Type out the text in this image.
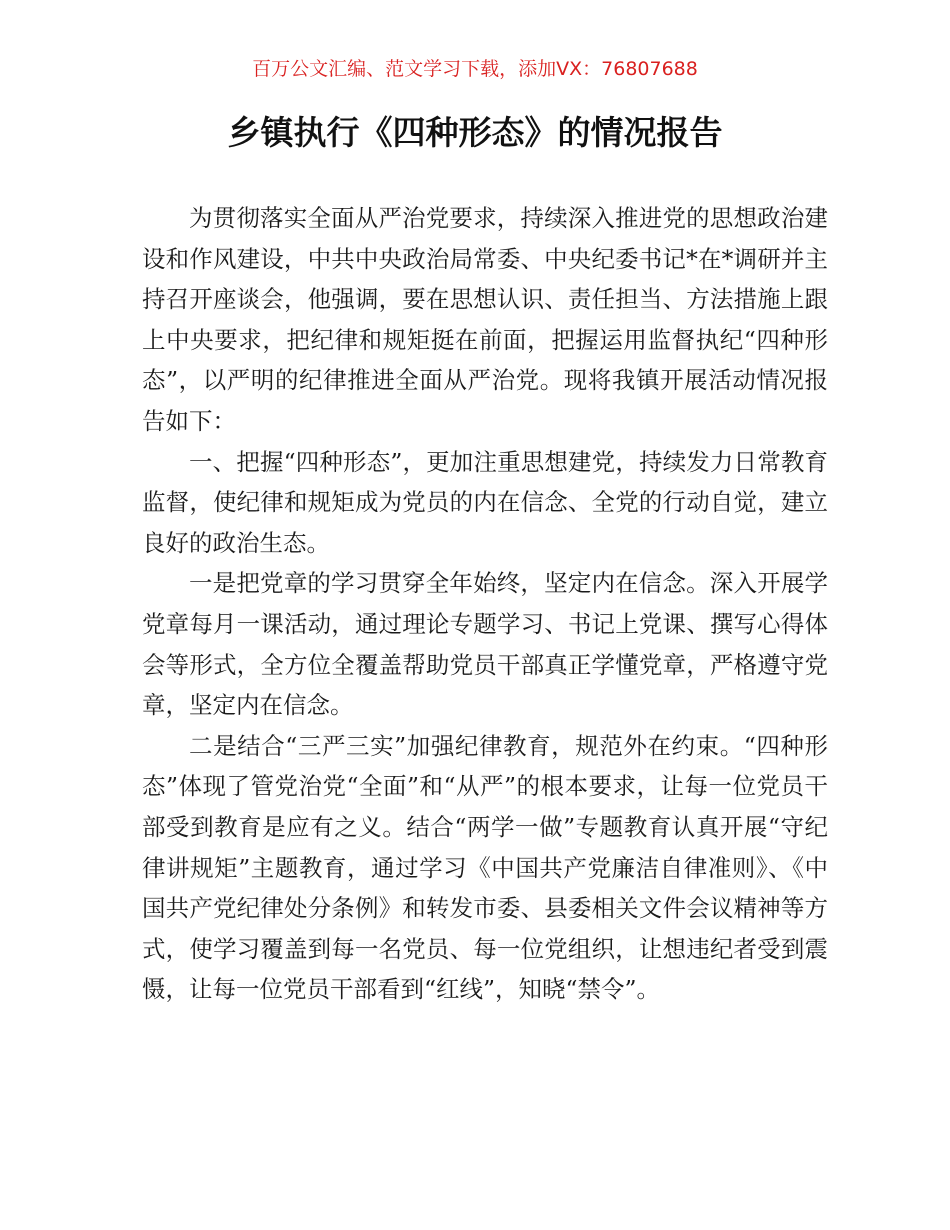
百万公文汇编、范文学习下载，添加VX：76807688
乡镇执行《四种形态》的情况报告

为贯彻落实全面从严治党要求，持续深入推进党的思想政治建设和作风建设，中共中央政治局常委、中央纪委书记*在*调研并主持召开座谈会，他强调，要在思想认识、责任担当、方法措施上跟上中央要求，把纪律和规矩挺在前面，把握运用监督执纪“四种形态”，以严明的纪律推进全面从严治党。现将我镇开展活动情况报告如下：

一、把握“四种形态”，更加注重思想建党，持续发力日常教育监督，使纪律和规矩成为党员的内在信念、全党的行动自觉，建立良好的政治生态。

一是把党章的学习贯穿全年始终，坚定内在信念。深入开展学党章每月一课活动，通过理论专题学习、书记上党课、撰写心得体会等形式，全方位全覆盖帮助党员干部真正学懂党章，严格遵守党章，坚定内在信念。

二是结合“三严三实”加强纪律教育，规范外在约束。“四种形态”体现了管党治党“全面”和“从严”的根本要求，让每一位党员干部受到教育是应有之义。结合“两学一做”专题教育认真开展“守纪律讲规矩”主题教育，通过学习《中国共产党廉洁自律准则》、《中国共产党纪律处分条例》和转发市委、县委相关文件会议精神等方式，使学习覆盖到每一名党员、每一位党组织，让想违纪者受到震慑，让每一位党员干部看到“红线”，知晓“禁令”。
